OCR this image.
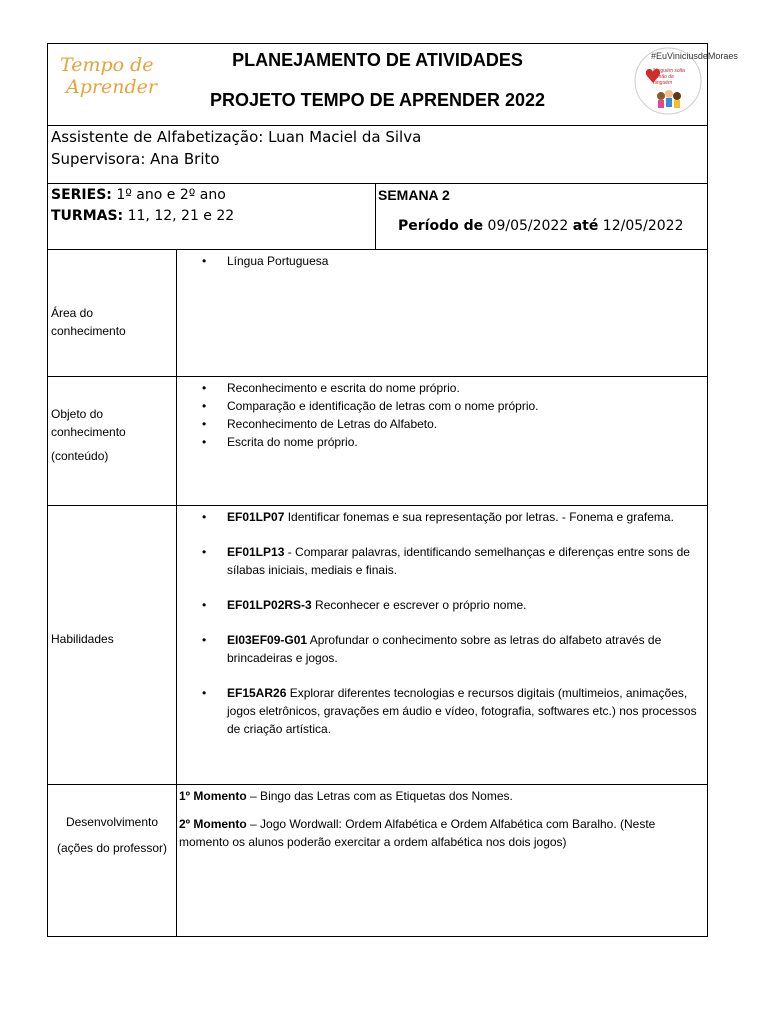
Tempo de
Aprender
PLANEJAMENTO DE ATIVIDADES
PROJETO TEMPO DE APRENDER 2022
#EuViniciusdeMoraes
Ninguém solta a mão de ninguém
Assistente de Alfabetização: Luan Maciel da Silva
Supervisora: Ana Brito
SERIES: 1º ano e 2º ano
TURMAS: 11, 12, 21 e 22
SEMANA 2
Período de 09/05/2022 até 12/05/2022
Área do
conhecimento
• Língua Portuguesa
Objeto do
conhecimento
(conteúdo)
• Reconhecimento e escrita do nome próprio.
• Comparação e identificação de letras com o nome próprio.
• Reconhecimento de Letras do Alfabeto.
• Escrita do nome próprio.
Habilidades
• EF01LP07 Identificar fonemas e sua representação por letras. - Fonema e grafema.
• EF01LP13 - Comparar palavras, identificando semelhanças e diferenças entre sons de sílabas iniciais, mediais e finais.
• EF01LP02RS-3 Reconhecer e escrever o próprio nome.
• EI03EF09-G01 Aprofundar o conhecimento sobre as letras do alfabeto através de brincadeiras e jogos.
• EF15AR26 Explorar diferentes tecnologias e recursos digitais (multimeios, animações, jogos eletrônicos, gravações em áudio e vídeo, fotografia, softwares etc.) nos processos de criação artística.
Desenvolvimento
(ações do professor)

1º Momento – Bingo das Letras com as Etiquetas dos Nomes.

2º Momento – Jogo Wordwall: Ordem Alfabética e Ordem Alfabética com Baralho. (Neste momento os alunos poderão exercitar a ordem alfabética nos dois jogos)
